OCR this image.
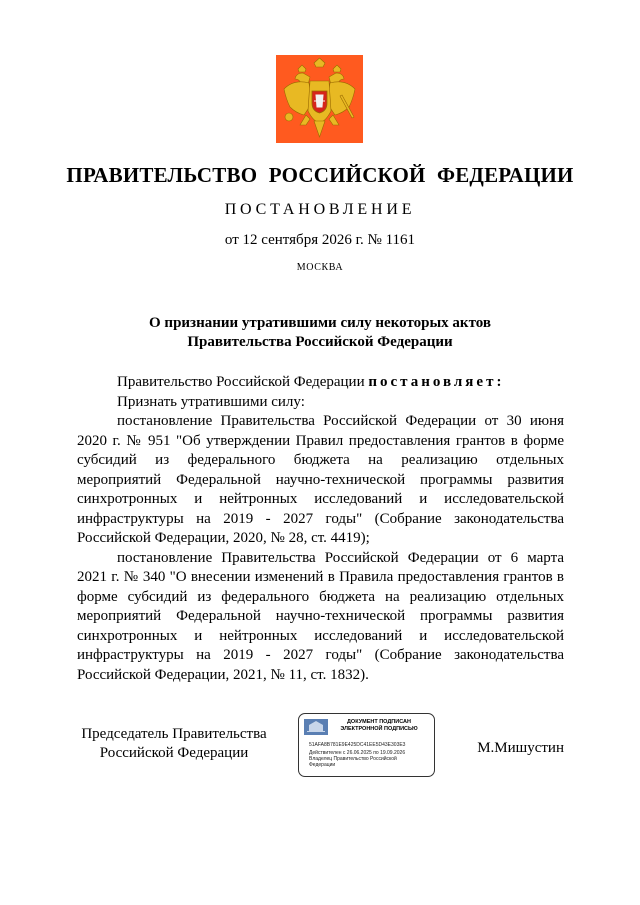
ПРАВИТЕЛЬСТВО РОССИЙСКОЙ ФЕДЕРАЦИИ
ПОСТАНОВЛЕНИЕ
от 12 сентября 2026 г. № 1161
МОСКВА
О признании утратившими силу некоторых актов
Правительства Российской Федерации

Правительство Российской Федерации постановляет:

Признать утратившими силу:

постановление Правительства Российской Федерации от 30 июня 2020 г. № 951 "Об утверждении Правил предоставления грантов в форме субсидий из федерального бюджета на реализацию отдельных мероприятий Федеральной научно-технической программы развития синхротронных и нейтронных исследований и исследовательской инфраструктуры на 2019 - 2027 годы" (Собрание законодательства Российской Федерации, 2020, № 28, ст. 4419);

постановление Правительства Российской Федерации от 6 марта 2021 г. № 340 "О внесении изменений в Правила предоставления грантов в форме субсидий из федерального бюджета на реализацию отдельных мероприятий Федеральной научно-технической программы развития синхротронных и нейтронных исследований и исследовательской инфраструктуры на 2019 - 2027 годы" (Собрание законодательства Российской Федерации, 2021, № 11, ст. 1832).

Председатель Правительства
Российской Федерации
ДОКУМЕНТ ПОДПИСАН
ЭЛЕКТРОННОЙ ПОДПИСЬЮ
51AFA8B781E9E425DC41EE5D43E303E3
Действителен с 26.06.2025 по 19.09.2026
Владелец Правительство Российской
Федерации
М.Мишустин
